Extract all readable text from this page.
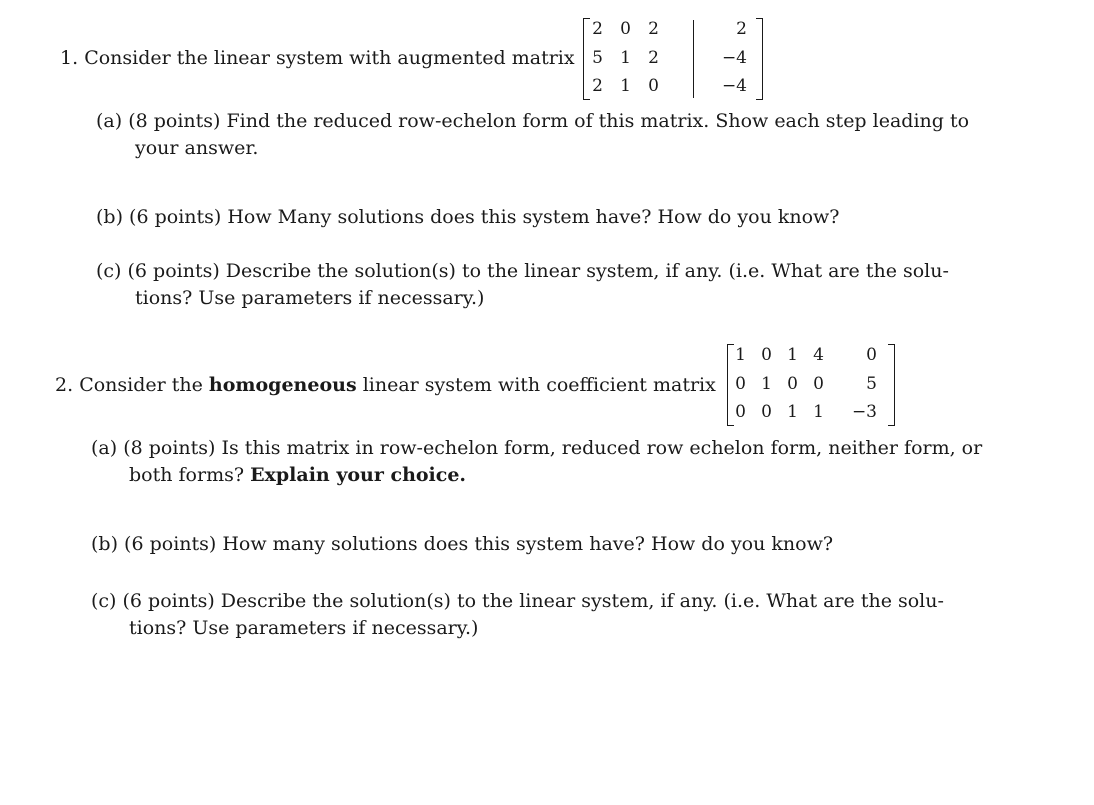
1. Consider the linear system with augmented matrix
2	0	2	2
5	1	2	−4
2	1	0	−4
(a) (8 points) Find the reduced row-echelon form of this matrix. Show each step leading to
your answer.
(b) (6 points) How Many solutions does this system have? How do you know?
(c) (6 points) Describe the solution(s) to the linear system, if any. (i.e. What are the solu-
tions? Use parameters if necessary.)
2. Consider the homogeneous linear system with coefficient matrix
1 0 1 4	0
0 1 0 0	5
0 0 1 1 −3
(a) (8 points) Is this matrix in row-echelon form, reduced row echelon form, neither form, or
both forms? Explain your choice.
(b) (6 points) How many solutions does this system have? How do you know?
(c) (6 points) Describe the solution(s) to the linear system, if any. (i.e. What are the solu-
tions? Use parameters if necessary.)
